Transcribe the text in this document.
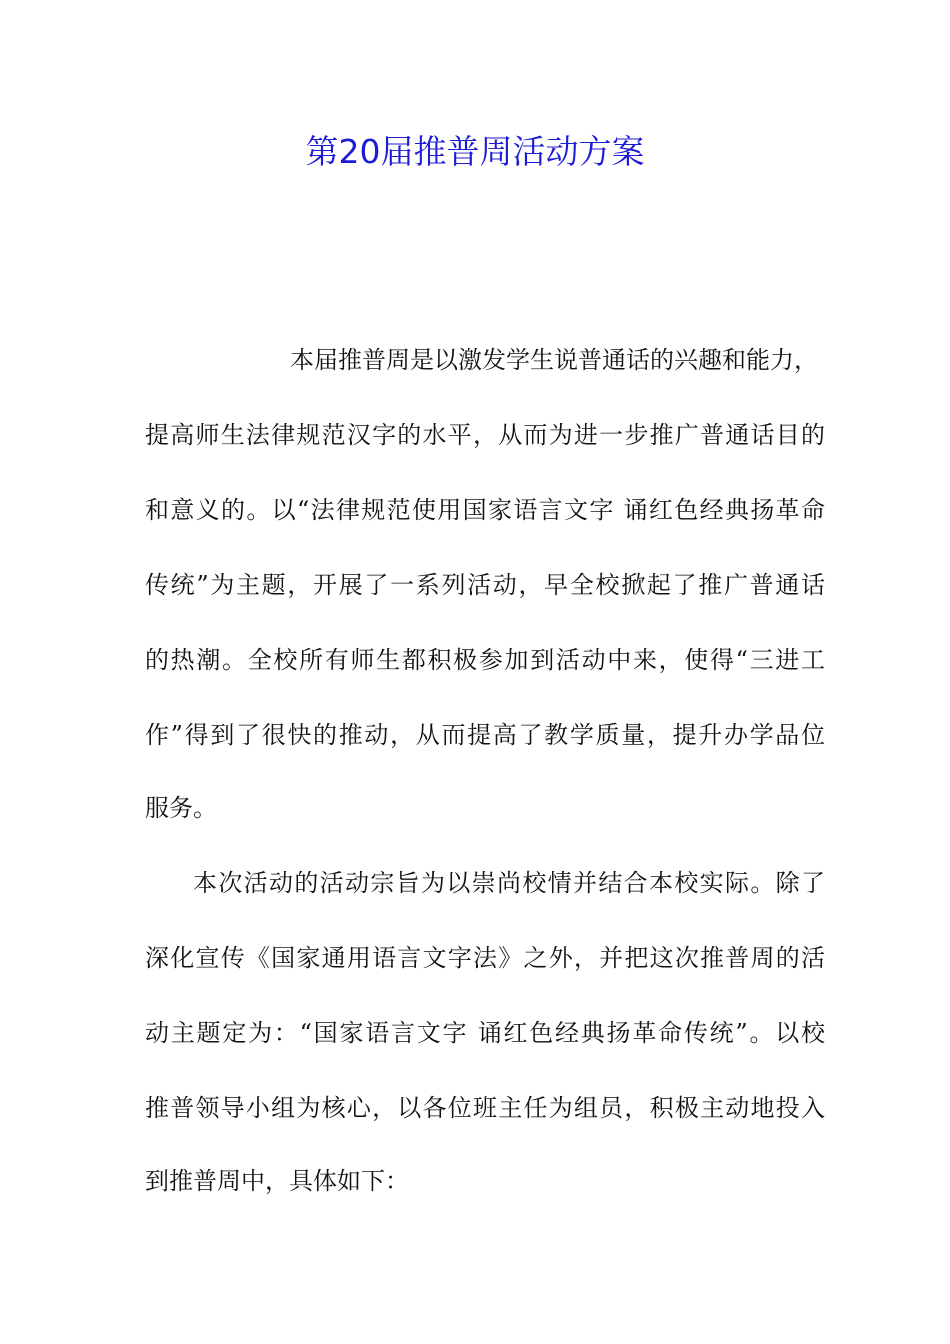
第20届推普周活动方案
本届推普周是以激发学生说普通话的兴趣和能力，
提高师生法律规范汉字的水平，从而为进一步推广普通话目的
和意义的。以“法律规范使用国家语言文字 诵红色经典扬革命
传统”为主题，开展了一系列活动，早全校掀起了推广普通话
的热潮。全校所有师生都积极参加到活动中来，使得“三进工
作”得到了很快的推动，从而提高了教学质量，提升办学品位
服务。
本次活动的活动宗旨为以崇尚校情并结合本校实际。除了
深化宣传《国家通用语言文字法》之外，并把这次推普周的活
动主题定为：“国家语言文字 诵红色经典扬革命传统”。以校
推普领导小组为核心，以各位班主任为组员，积极主动地投入
到推普周中，具体如下：
